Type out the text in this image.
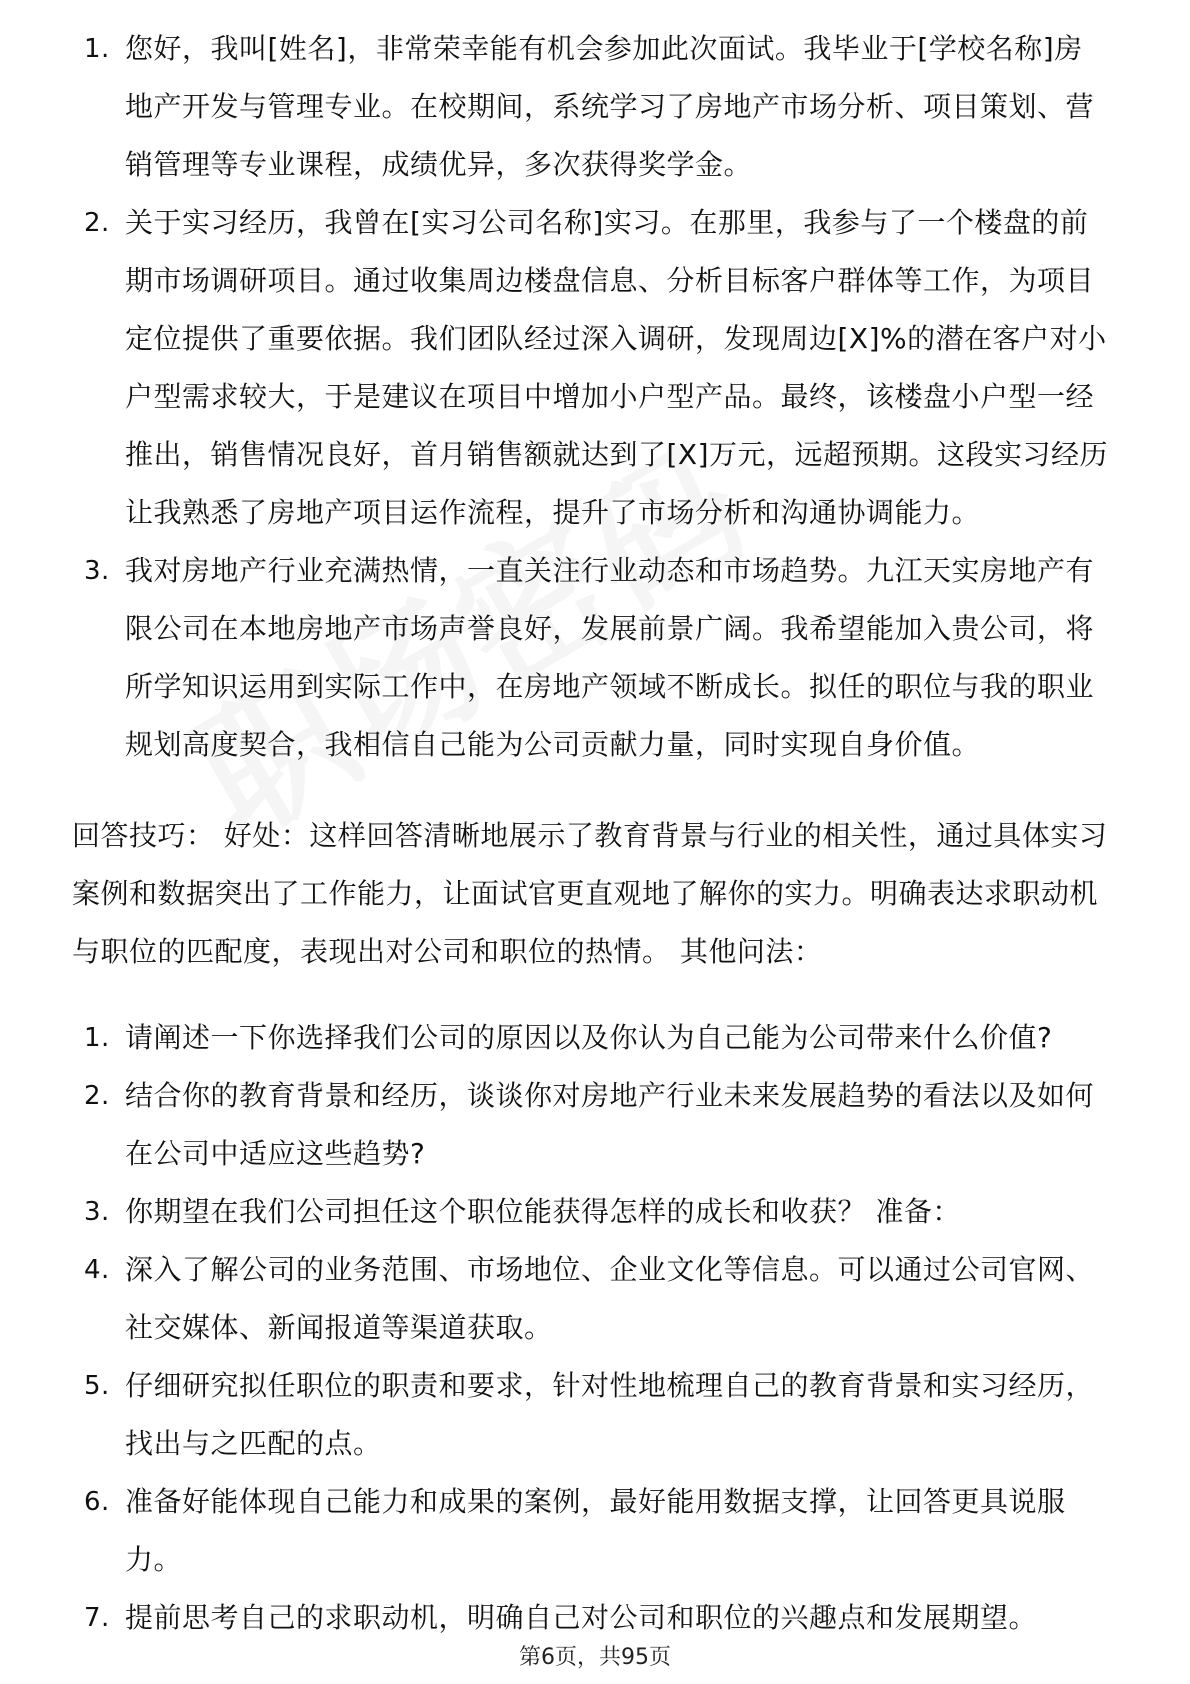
1. 您好，我叫[姓名]，非常荣幸能有机会参加此次面试。我毕业于[学校名称]房地产开发与管理专业。在校期间，系统学习了房地产市场分析、项目策划、营销管理等专业课程，成绩优异，多次获得奖学金。
2. 关于实习经历，我曾在[实习公司名称]实习。在那里，我参与了一个楼盘的前期市场调研项目。通过收集周边楼盘信息、分析目标客户群体等工作，为项目定位提供了重要依据。我们团队经过深入调研，发现周边[X]%的潜在客户对小户型需求较大，于是建议在项目中增加小户型产品。最终，该楼盘小户型一经推出，销售情况良好，首月销售额就达到了[X]万元，远超预期。这段实习经历让我熟悉了房地产项目运作流程，提升了市场分析和沟通协调能力。
3. 我对房地产行业充满热情，一直关注行业动态和市场趋势。九江天实房地产有限公司在本地房地产市场声誉良好，发展前景广阔。我希望能加入贵公司，将所学知识运用到实际工作中，在房地产领域不断成长。拟任的职位与我的职业规划高度契合，我相信自己能为公司贡献力量，同时实现自身价值。

回答技巧： 好处：这样回答清晰地展示了教育背景与行业的相关性，通过具体实习案例和数据突出了工作能力，让面试官更直观地了解你的实力。明确表达求职动机与职位的匹配度，表现出对公司和职位的热情。 其他问法：

1. 请阐述一下你选择我们公司的原因以及你认为自己能为公司带来什么价值?
2. 结合你的教育背景和经历，谈谈你对房地产行业未来发展趋势的看法以及如何在公司中适应这些趋势?
3. 你期望在我们公司担任这个职位能获得怎样的成长和收获？ 准备：
4. 深入了解公司的业务范围、市场地位、企业文化等信息。可以通过公司官网、社交媒体、新闻报道等渠道获取。
5. 仔细研究拟任职位的职责和要求，针对性地梳理自己的教育背景和实习经历，找出与之匹配的点。
6. 准备好能体现自己能力和成果的案例，最好能用数据支撑，让回答更具说服力。
7. 提前思考自己的求职动机，明确自己对公司和职位的兴趣点和发展期望。
第6页，共95页
